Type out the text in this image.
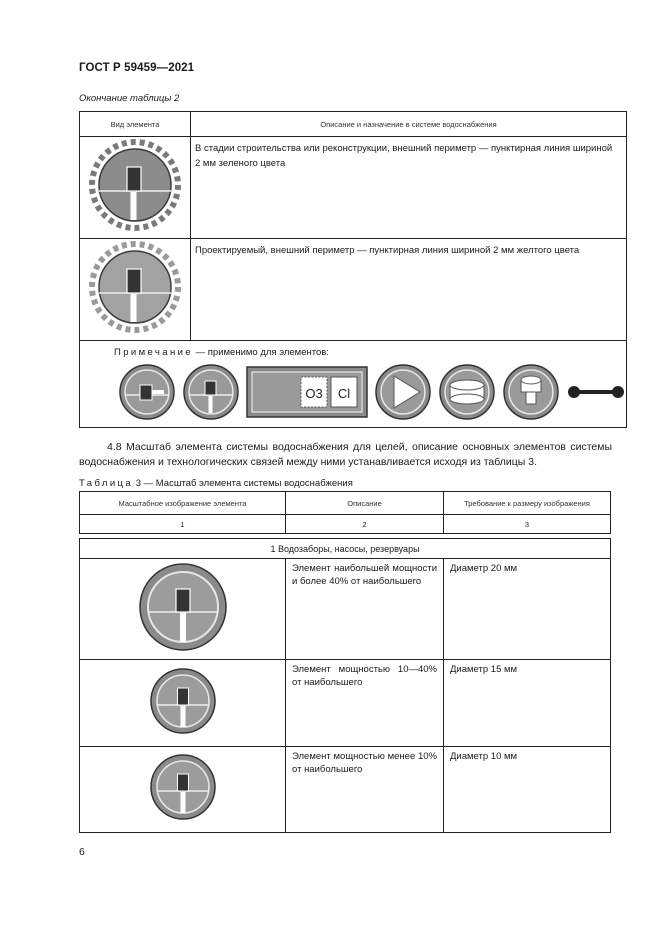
ГОСТ Р 59459—2021
Окончание таблицы 2
Вид элемента	Описание и назначение в системе водоснабжения
	В стадии строительства или реконструкции, внешний периметр — пунктирная линия шириной 2 мм зеленого цвета
	Проектируемый, внешний периметр — пунктирная линия шириной 2 мм желтого цвета

Примечание — применимо для элементов:
О3 Cl	
4.8 Масштаб элемента системы водоснабжения для целей, описание основных элементов системы водоснабжения и технологических связей между ними устанавливается исходя из таблицы 3.
Таблица 3 — Масштаб элемента системы водоснабжения
Масштабное изображение элемента	Описание	Требование к размеру изображения
1	2	3

1 Водозаборы, насосы, резервуары		
	Элемент наибольшей мощности и более 40% от наибольшего	Диаметр 20 мм
	Элемент мощностью 10—40% от наибольшего	Диаметр 15 мм
	Элемент мощностью менее 10% от наибольшего	Диаметр 10 мм
6
